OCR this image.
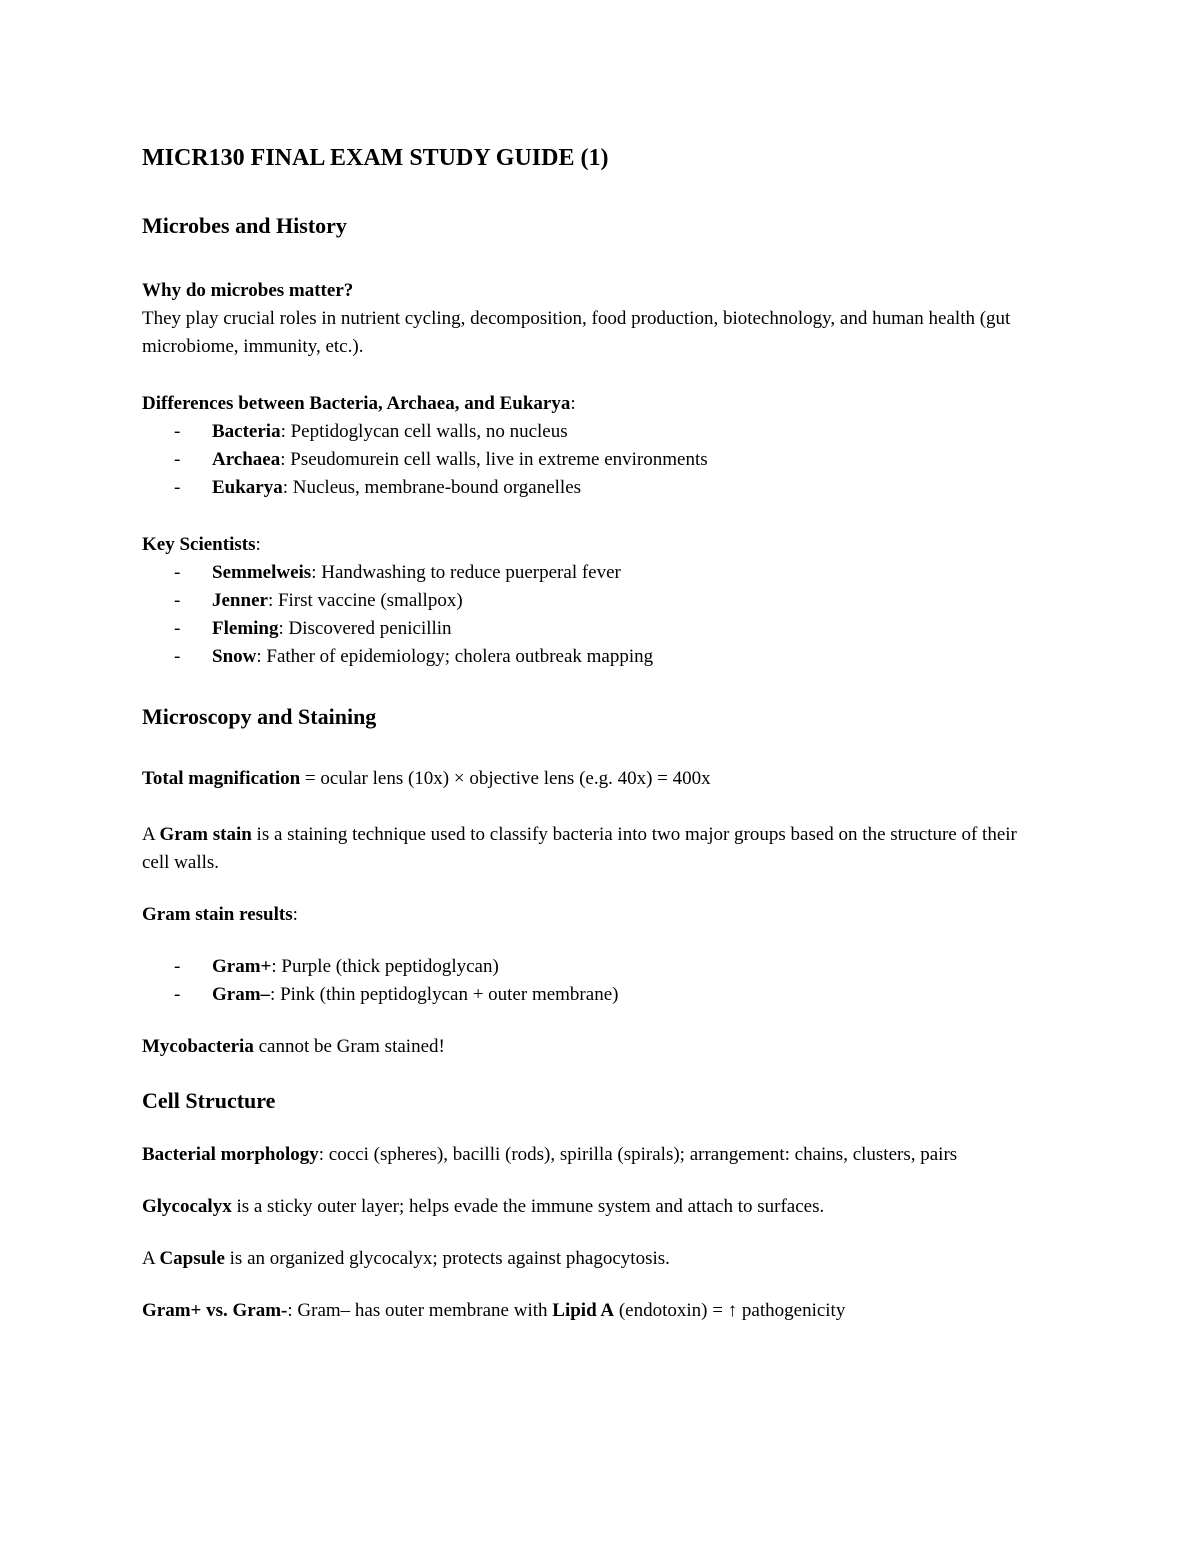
MICR130 FINAL EXAM STUDY GUIDE (1)
Microbes and History

Why do microbes matter?

They play crucial roles in nutrient cycling, decomposition, food production, biotechnology, and human health (gut microbiome, immunity, etc.).

Differences between Bacteria, Archaea, and Eukarya:

- Bacteria: Peptidoglycan cell walls, no nucleus
- Archaea: Pseudomurein cell walls, live in extreme environments
- Eukarya: Nucleus, membrane-bound organelles

Key Scientists:

- Semmelweis: Handwashing to reduce puerperal fever
- Jenner: First vaccine (smallpox)
- Fleming: Discovered penicillin
- Snow: Father of epidemiology; cholera outbreak mapping
Microscopy and Staining

Total magnification = ocular lens (10x) × objective lens (e.g. 40x) = 400x

A Gram stain is a staining technique used to classify bacteria into two major groups based on the structure of their cell walls.

Gram stain results:

- Gram+: Purple (thick peptidoglycan)
- Gram–: Pink (thin peptidoglycan + outer membrane)

Mycobacteria cannot be Gram stained!

Cell Structure

Bacterial morphology: cocci (spheres), bacilli (rods), spirilla (spirals); arrangement: chains, clusters, pairs

Glycocalyx is a sticky outer layer; helps evade the immune system and attach to surfaces.

A Capsule is an organized glycocalyx; protects against phagocytosis.

Gram+ vs. Gram-: Gram– has outer membrane with Lipid A (endotoxin) = ↑ pathogenicity
